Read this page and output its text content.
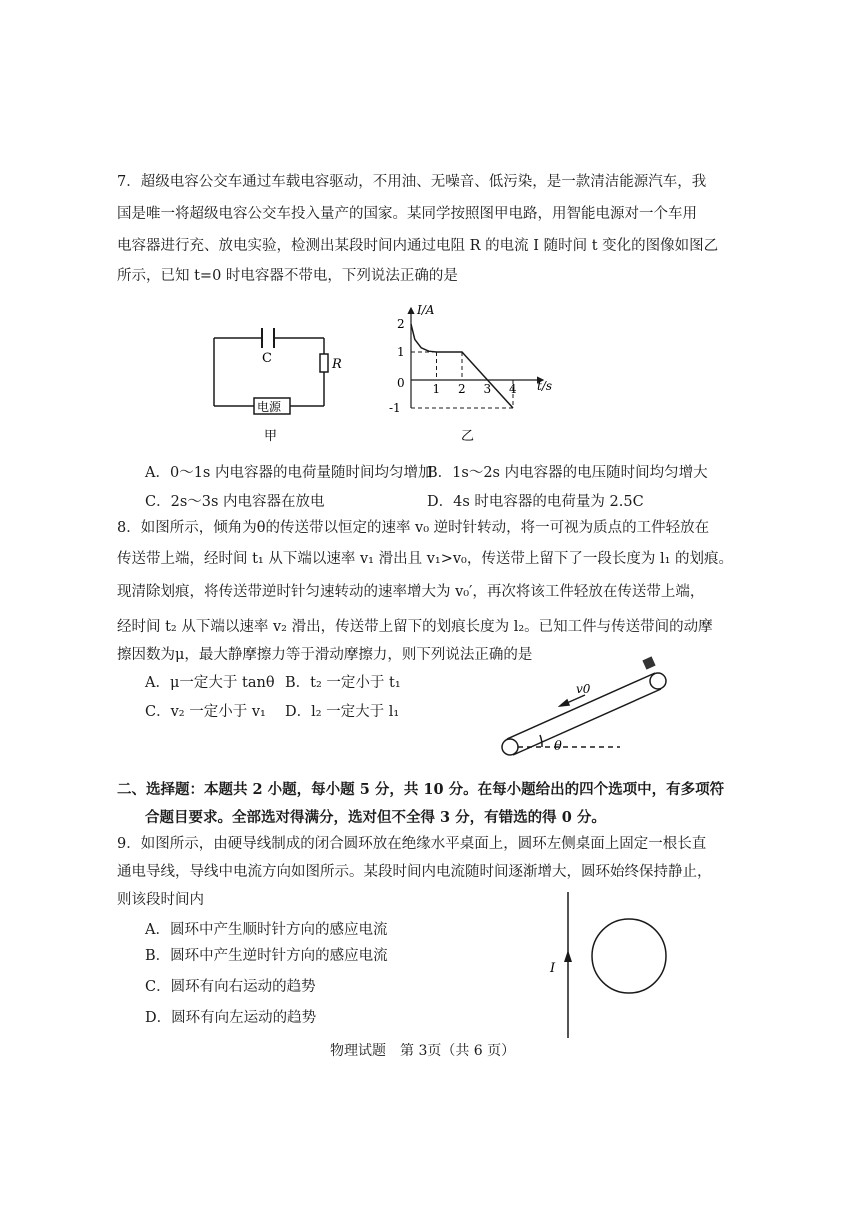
7．超级电容公交车通过车载电容驱动，不用油、无噪音、低污染，是一款清洁能源汽车，我
国是唯一将超级电容公交车投入量产的国家。某同学按照图甲电路，用智能电源对一个车用
电容器进行充、放电实验，检测出某段时间内通过电阻 R 的电流 I 随时间 t 变化的图像如图乙
所示，已知 t=0 时电容器不带电，下列说法正确的是
C	R
电源
甲
I/A
t/s
2
1
0
-1
1 2 3 4
乙
A．0～1s 内电容器的电荷量随时间均匀增加
B．1s～2s 内电容器的电压随时间均匀增大
C．2s～3s 内电容器在放电	D．4s 时电容器的电荷量为 2.5C
8．如图所示，倾角为θ的传送带以恒定的速率 v₀ 逆时针转动，将一可视为质点的工件轻放在
传送带上端，经时间 t₁ 从下端以速率 v₁ 滑出且 v₁>v₀，传送带上留下了一段长度为 l₁ 的划痕。
现清除划痕，将传送带逆时针匀速转动的速率增大为 v₀′，再次将该工件轻放在传送带上端，
经时间 t₂ 从下端以速率 v₂ 滑出，传送带上留下的划痕长度为 l₂。已知工件与传送带间的动摩
擦因数为μ，最大静摩擦力等于滑动摩擦力，则下列说法正确的是
A．μ一定大于 tanθ B．t₂ 一定小于 t₁
C．v₂ 一定小于 v₁ D．l₂ 一定大于 l₁
v0
θ
二、选择题：本题共 2 小题，每小题 5 分，共 10 分。在每小题给出的四个选项中，有多项符
合题目要求。全部选对得满分，选对但不全得 3 分，有错选的得 0 分。
9．如图所示，由硬导线制成的闭合圆环放在绝缘水平桌面上，圆环左侧桌面上固定一根长直
通电导线，导线中电流方向如图所示。某段时间内电流随时间逐渐增大，圆环始终保持静止，
则该段时间内
A．圆环中产生顺时针方向的感应电流
B．圆环中产生逆时针方向的感应电流
C．圆环有向右运动的趋势
D．圆环有向左运动的趋势
I
物理试题　第 3页（共 6 页）
